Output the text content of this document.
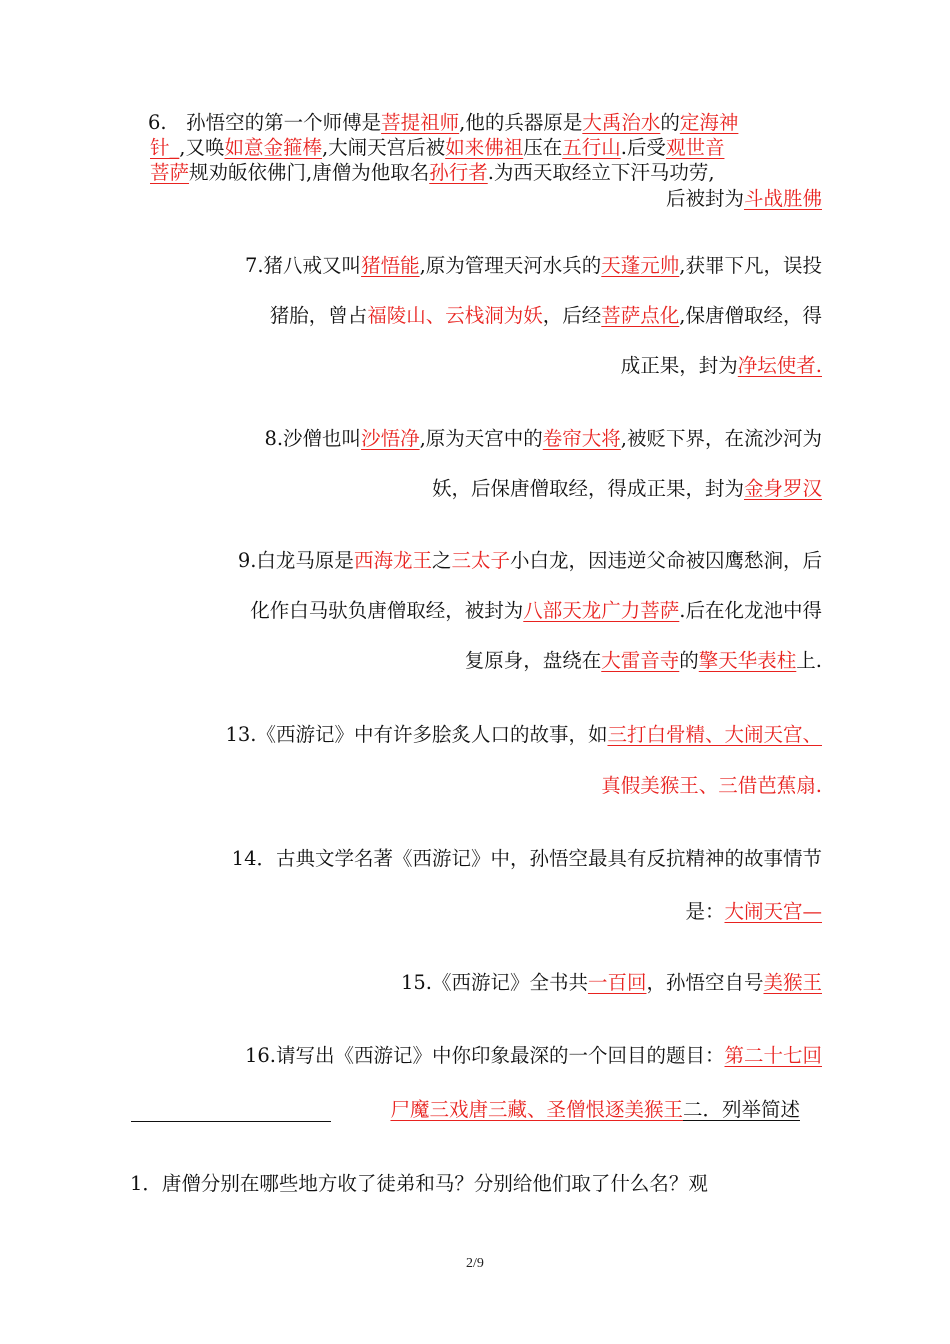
6.　孙悟空的第一个师傅是菩提祖师,他的兵器原是大禹治水的定海神
针_,又唤如意金箍棒,大闹天宫后被如来佛祖压在五行山.后受观世音
菩萨规劝皈依佛门,唐僧为他取名孙行者.为西天取经立下汗马功劳,
后被封为斗战胜佛
7.猪八戒又叫猪悟能,原为管理天河水兵的天蓬元帅,获罪下凡，误投
猪胎，曾占福陵山、云栈洞为妖，后经菩萨点化,保唐僧取经，得
成正果，封为净坛使者.
8.沙僧也叫沙悟净,原为天宫中的卷帘大将,被贬下界，在流沙河为
妖，后保唐僧取经，得成正果，封为金身罗汉
9.白龙马原是西海龙王之三太子小白龙，因违逆父命被囚鹰愁涧，后
化作白马驮负唐僧取经，被封为八部天龙广力菩萨.后在化龙池中得
复原身，盘绕在大雷音寺的擎天华表柱上.
13.《西游记》中有许多脍炙人口的故事，如三打白骨精、大闹天宫、
真假美猴王、三借芭蕉扇.
14．古典文学名著《西游记》中，孙悟空最具有反抗精神的故事情节
是：大闹天宫—
15.《西游记》全书共一百回，孙悟空自号美猴王
16.请写出《西游记》中你印象最深的一个回目的题目：第二十七回
尸魔三戏唐三藏、圣僧恨逐美猴王二．列举简述
1．唐僧分别在哪些地方收了徒弟和马？分别给他们取了什么名？观
2/9
